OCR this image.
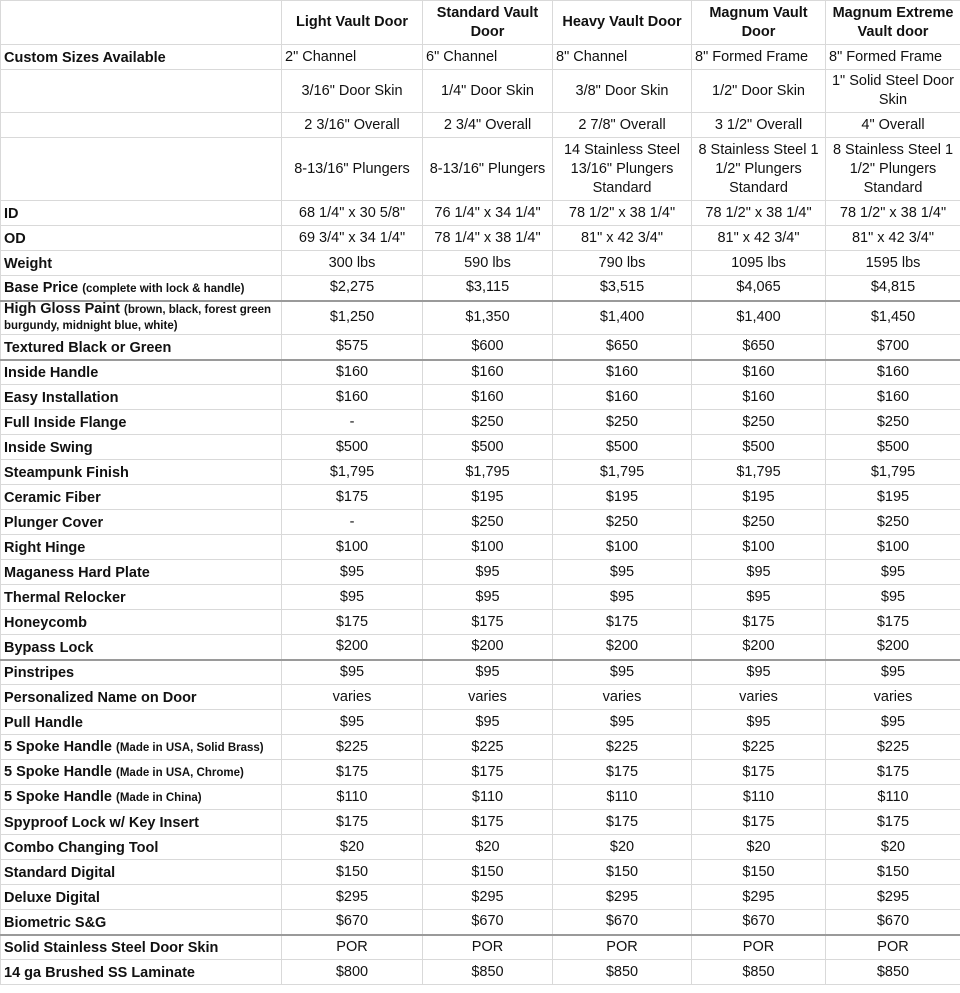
	Light Vault Door	Standard Vault Door	Heavy Vault Door	Magnum Vault Door	Magnum Extreme Vault door
Custom Sizes Available	2" Channel	6" Channel	8" Channel	8" Formed Frame	8" Formed Frame
	3/16" Door Skin	1/4" Door Skin	3/8" Door Skin	1/2" Door Skin	1" Solid Steel Door Skin
	2 3/16" Overall	2 3/4" Overall	2 7/8" Overall	3 1/2" Overall	4" Overall
	8-13/16" Plungers	8-13/16" Plungers	14 Stainless Steel 13/16" Plungers Standard	8 Stainless Steel 1 1/2" Plungers Standard	8 Stainless Steel 1 1/2" Plungers Standard
ID	68 1/4" x 30 5/8"	76 1/4" x 34 1/4"	78 1/2" x 38 1/4"	78 1/2" x 38 1/4"	78 1/2" x 38 1/4"
OD	69 3/4" x 34 1/4"	78 1/4" x 38 1/4"	81" x 42 3/4"	81" x 42 3/4"	81" x 42 3/4"
Weight	300 lbs	590 lbs	790 lbs	1095 lbs	1595 lbs
Base Price (complete with lock & handle)	$2,275	$3,115	$3,515	$4,065	$4,815
High Gloss Paint (brown, black, forest green burgundy, midnight blue, white)	$1,250	$1,350	$1,400	$1,400	$1,450
Textured Black or Green	$575	$600	$650	$650	$700
Inside Handle	$160	$160	$160	$160	$160
Easy Installation	$160	$160	$160	$160	$160
Full Inside Flange	-	$250	$250	$250	$250
Inside Swing	$500	$500	$500	$500	$500
Steampunk Finish	$1,795	$1,795	$1,795	$1,795	$1,795
Ceramic Fiber	$175	$195	$195	$195	$195
Plunger Cover	-	$250	$250	$250	$250
Right Hinge	$100	$100	$100	$100	$100
Maganess Hard Plate	$95	$95	$95	$95	$95
Thermal Relocker	$95	$95	$95	$95	$95
Honeycomb	$175	$175	$175	$175	$175
Bypass Lock	$200	$200	$200	$200	$200
Pinstripes	$95	$95	$95	$95	$95
Personalized Name on Door	varies	varies	varies	varies	varies
Pull Handle	$95	$95	$95	$95	$95
5 Spoke Handle (Made in USA, Solid Brass)	$225	$225	$225	$225	$225
5 Spoke Handle (Made in USA, Chrome)	$175	$175	$175	$175	$175
5 Spoke Handle (Made in China)	$110	$110	$110	$110	$110
Spyproof Lock w/ Key Insert	$175	$175	$175	$175	$175
Combo Changing Tool	$20	$20	$20	$20	$20
Standard Digital	$150	$150	$150	$150	$150
Deluxe Digital	$295	$295	$295	$295	$295
Biometric S&G	$670	$670	$670	$670	$670
Solid Stainless Steel Door Skin	POR	POR	POR	POR	POR
14 ga Brushed SS Laminate	$800	$850	$850	$850	$850
